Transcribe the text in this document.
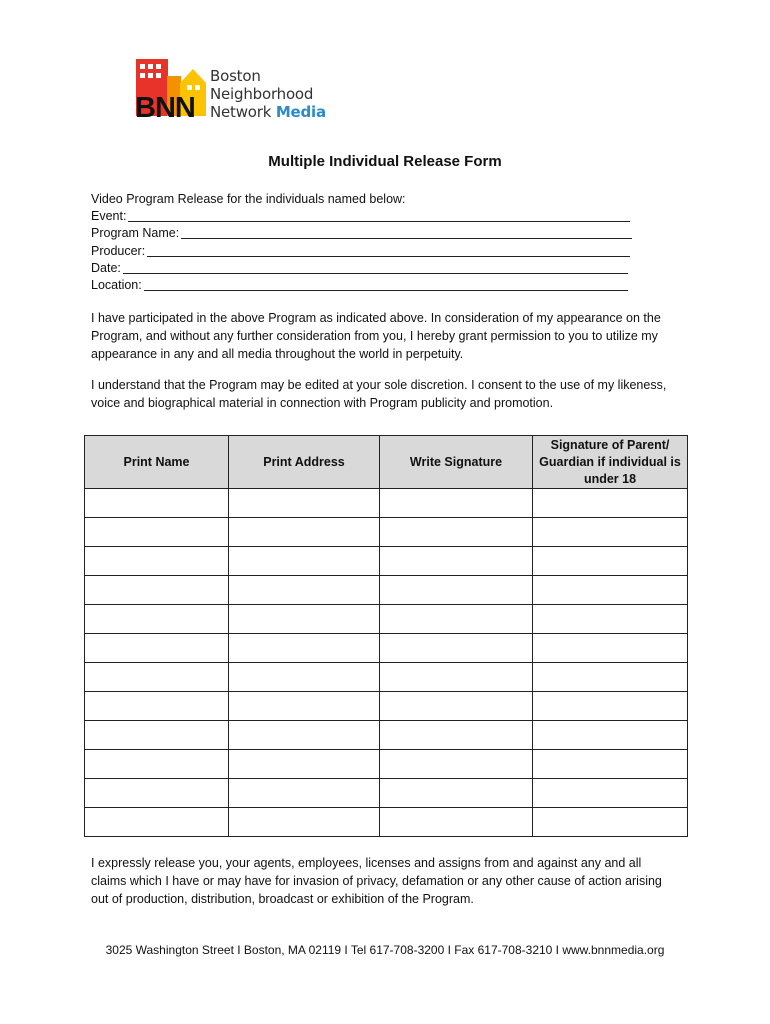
BNN
Boston
Neighborhood
Network Media
Multiple Individual Release Form
Video Program Release for the individuals named below:
Event:
Program Name:
Producer:
Date:
Location:

I have participated in the above Program as indicated above. In consideration of my appearance on the Program, and without any further consideration from you, I hereby grant permission to you to utilize my appearance in any and all media throughout the world in perpetuity.

I understand that the Program may be edited at your sole discretion. I consent to the use of my likeness, voice and biographical material in connection with Program publicity and promotion.

Print Name	Print Address	Write Signature	Signature of Parent/ Guardian if individual is under 18

I expressly release you, your agents, employees, licenses and assigns from and against any and all claims which I have or may have for invasion of privacy, defamation or any other cause of action arising out of production, distribution, broadcast or exhibition of the Program.

3025 Washington Street I Boston, MA 02119 I Tel 617-708-3200 I Fax 617-708-3210 I www.bnnmedia.org
